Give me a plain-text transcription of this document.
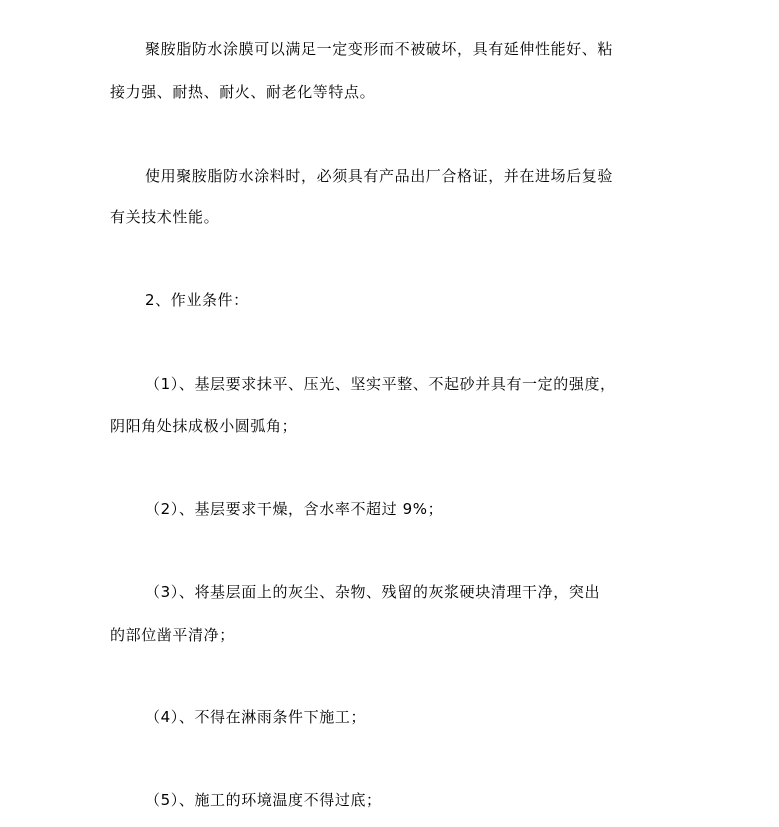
聚胺脂防水涂膜可以满足一定变形而不被破坏，具有延伸性能好、粘
接力强、耐热、耐火、耐老化等特点。
使用聚胺脂防水涂料时，必须具有产品出厂合格证，并在进场后复验
有关技术性能。
2、作业条件：
（1）、基层要求抹平、压光、坚实平整、不起砂并具有一定的强度，
阴阳角处抹成极小圆弧角；
（2）、基层要求干燥，含水率不超过 9%；
（3）、将基层面上的灰尘、杂物、残留的灰浆硬块清理干净，突出
的部位凿平清净；
（4）、不得在淋雨条件下施工；
（5）、施工的环境温度不得过底；
